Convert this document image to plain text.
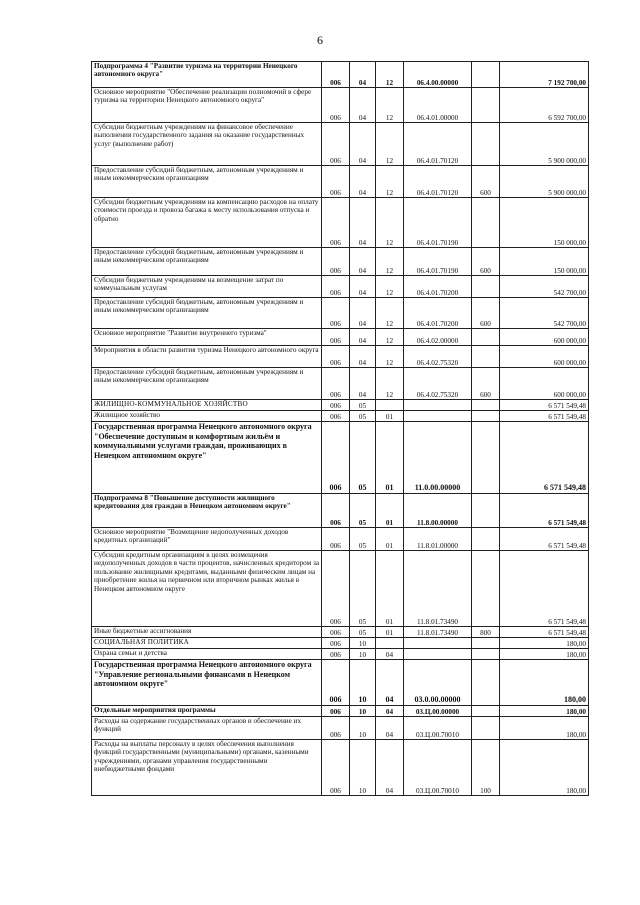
6
Подпрограмма 4 "Развитие туризма на территории Ненецкого автономного округа"	006	04	12	06.4.00.00000		7 192 700,00
Основное мероприятие "Обеспечение реализации полномочий в сфере туризма на территории Ненецкого автономного округа"	006	04	12	06.4.01.00000		6 592 700,00
Субсидии бюджетным учреждениям на финансовое обеспечение выполнения государственного задания на оказание государственных услуг (выполнение работ)	006	04	12	06.4.01.70120		5 900 000,00
Предоставление субсидий бюджетным, автономным учреждениям и иным некоммерческим организациям	006	04	12	06.4.01.70120	600	5 900 000,00
Субсидии бюджетным учреждениям на компенсацию расходов на оплату стоимости проезда и провоза багажа к месту использования отпуска и обратно	006	04	12	06.4.01.70190		150 000,00
Предоставление субсидий бюджетным, автономным учреждениям и иным некоммерческим организациям	006	04	12	06.4.01.70190	600	150 000,00
Субсидии бюджетным учреждениям на возмещение затрат по коммунальным услугам	006	04	12	06.4.01.70200		542 700,00
Предоставление субсидий бюджетным, автономным учреждениям и иным некоммерческим организациям	006	04	12	06.4.01.70200	600	542 700,00
Основное мероприятие "Развитие внутреннего туризма"	006	04	12	06.4.02.00000		600 000,00
Мероприятия в области развития туризма Ненецкого автономного округа	006	04	12	06.4.02.75320		600 000,00
Предоставление субсидий бюджетным, автономным учреждениям и иным некоммерческим организациям	006	04	12	06.4.02.75320	600	600 000,00
ЖИЛИЩНО-КОММУНАЛЬНОЕ ХОЗЯЙСТВО	006	05				6 571 549,48
Жилищное хозяйство	006	05	01			6 571 549,48
Государственная программа Ненецкого автономного округа "Обеспечение доступным и комфортным жильём и коммунальными услугами граждан, проживающих в Ненецком автономном округе"	006	05	01	11.0.00.00000		6 571 549,48
Подпрограмма 8 "Повышение доступности жилищного кредитования для граждан в Ненецком автономном округе"	006	05	01	11.8.00.00000		6 571 549,48
Основное мероприятие "Возмещение недополученных доходов кредитных организаций"	006	05	01	11.8.01.00000		6 571 549,48
Субсидии кредитным организациям в целях возмещения недополученных доходов в части процентов, начисленных кредитором за пользование жилищными кредитами, выданными физическим лицам на приобретение жилья на первичном или вторичном рынках жилья в Ненецком автономном округе	006	05	01	11.8.01.73490		6 571 549,48
Иные бюджетные ассигнования	006	05	01	11.8.01.73490	800	6 571 549,48
СОЦИАЛЬНАЯ ПОЛИТИКА	006	10				180,00
Охрана семьи и детства	006	10	04			180,00
Государственная программа Ненецкого автономного округа "Управление региональными финансами в Ненецком автономном округе"	006	10	04	03.0.00.00000		180,00
Отдельные мероприятия программы	006	10	04	03.Ц.00.00000		180,00
Расходы на содержание государственных органов и обеспечение их функций	006	10	04	03.Ц.00.70010		180,00
Расходы на выплаты персоналу в целях обеспечения выполнения функций государственными (муниципальными) органами, казенными учреждениями, органами управления государственными внебюджетными фондами	006	10	04	03.Ц.00.70010	100	180,00
